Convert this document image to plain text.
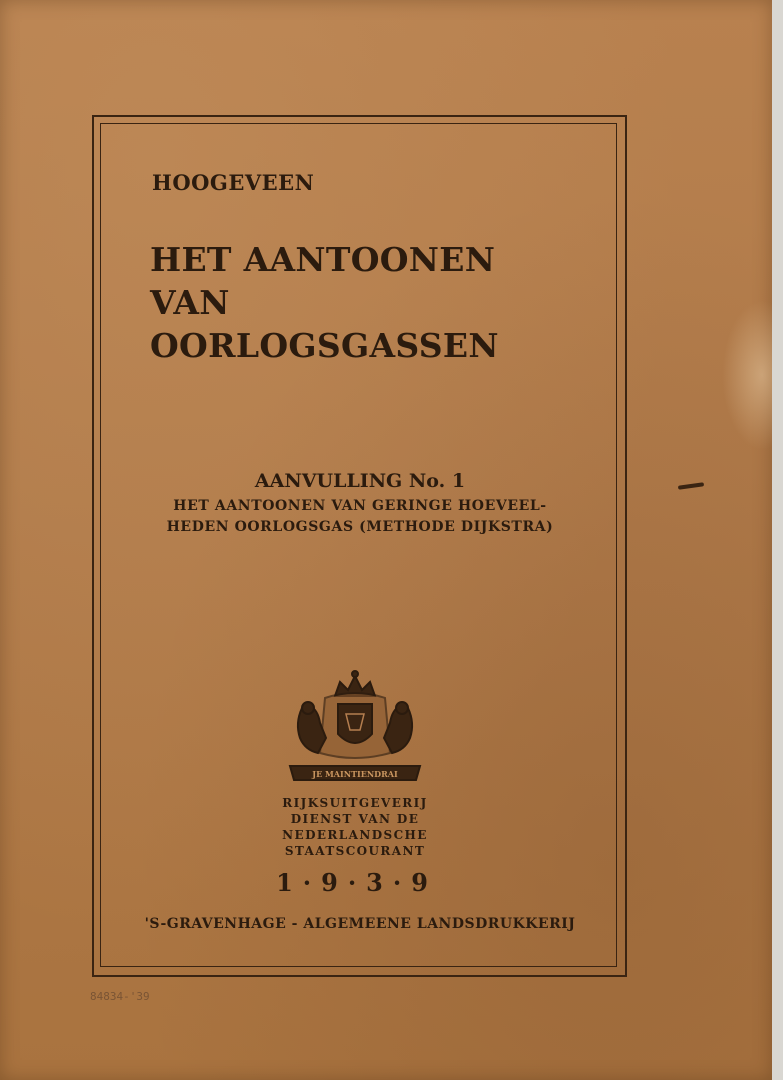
HOOGEVEEN
HET AANTOONEN
VAN
OORLOGSGASSEN
AANVULLING No. 1
HET AANTOONEN VAN GERINGE HOEVEEL-
HEDEN OORLOGSGAS (METHODE DIJKSTRA)
JE MAINTIENDRAI
RIJKSUITGEVERIJ
DIENST VAN DE
NEDERLANDSCHE
STAATSCOURANT
1·9·3·9
'S-GRAVENHAGE - ALGEMEENE LANDSDRUKKERIJ
84834-'39
